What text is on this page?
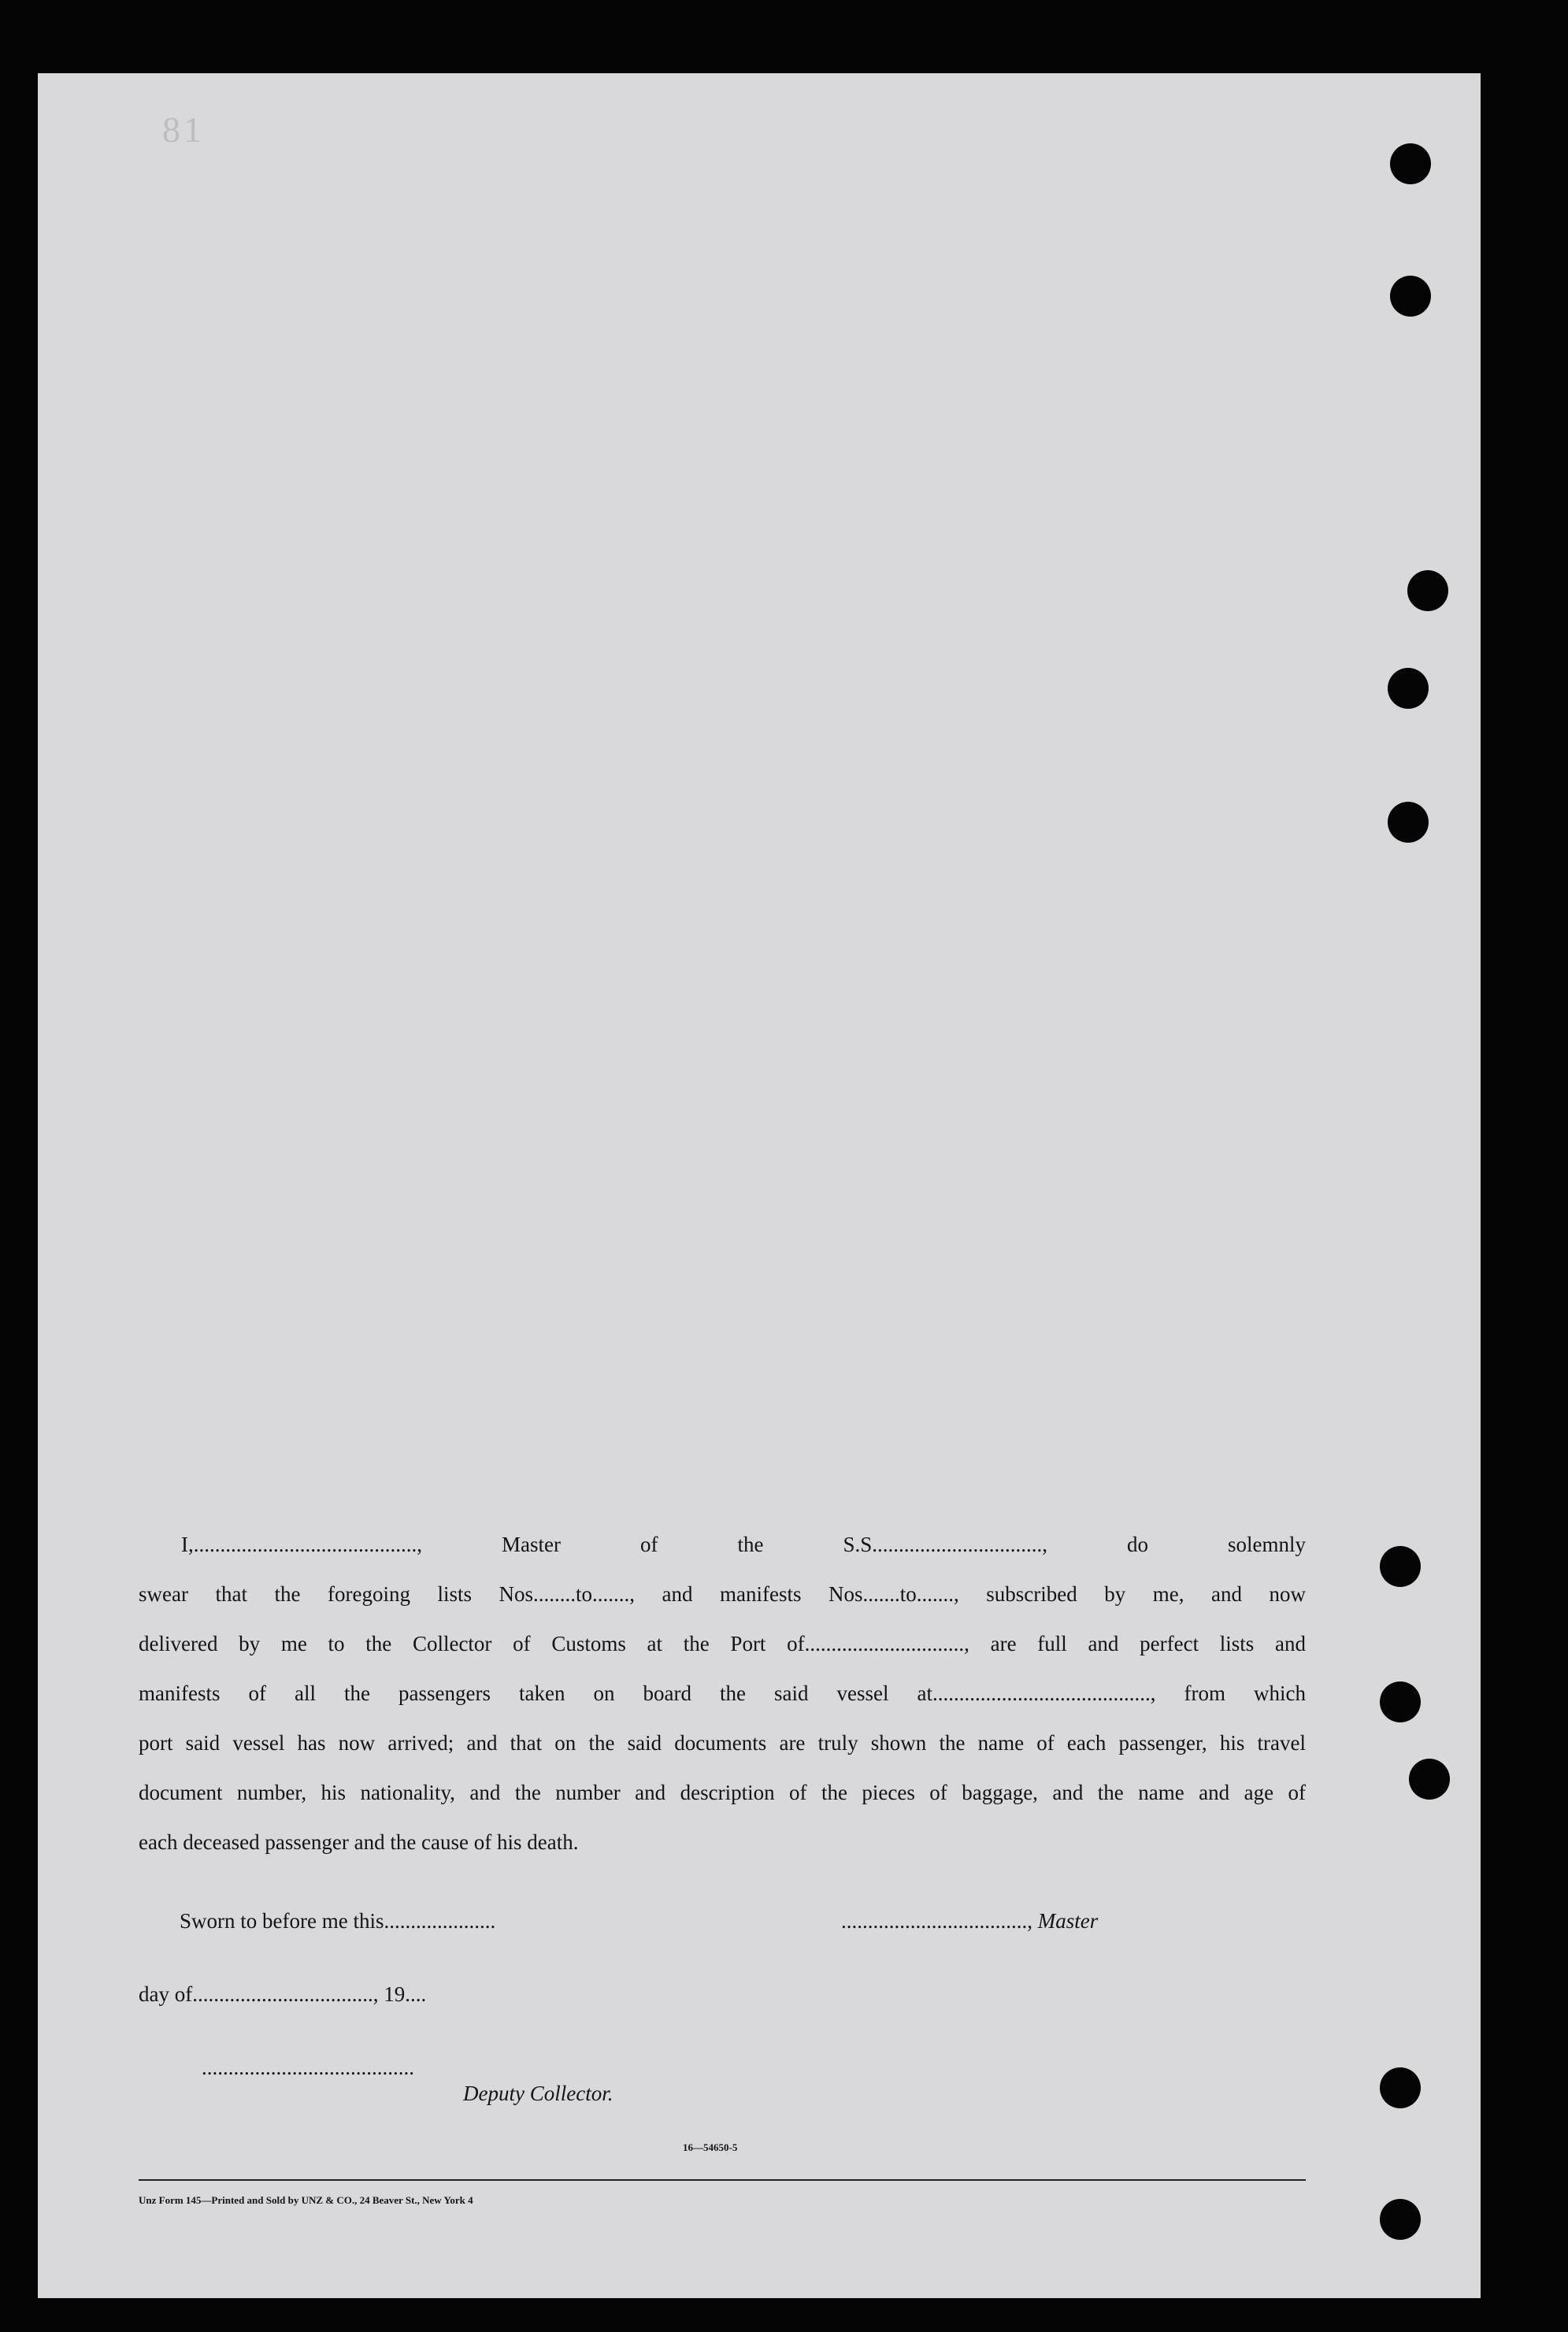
81

I,.........................................., Master of the S.S................................, do solemnly
swear that the foregoing lists Nos........to......., and manifests Nos.......to......., subscribed by me, and now
delivered by me to the Collector of Customs at the Port of.............................., are full and perfect lists and
manifests of all the passengers taken on board the said vessel at........................................., from which
port said vessel has now arrived; and that on the said documents are truly shown the name of each passenger, his travel
document number, his nationality, and the number and description of the pieces of baggage, and the name and age of
each deceased passenger and the cause of his death.

Sworn to before me this.....................	..................................., Master
day of.................................., 19....
........................................
Deputy Collector.
16—54650-5
Unz Form 145—Printed and Sold by UNZ & CO., 24 Beaver St., New York 4
